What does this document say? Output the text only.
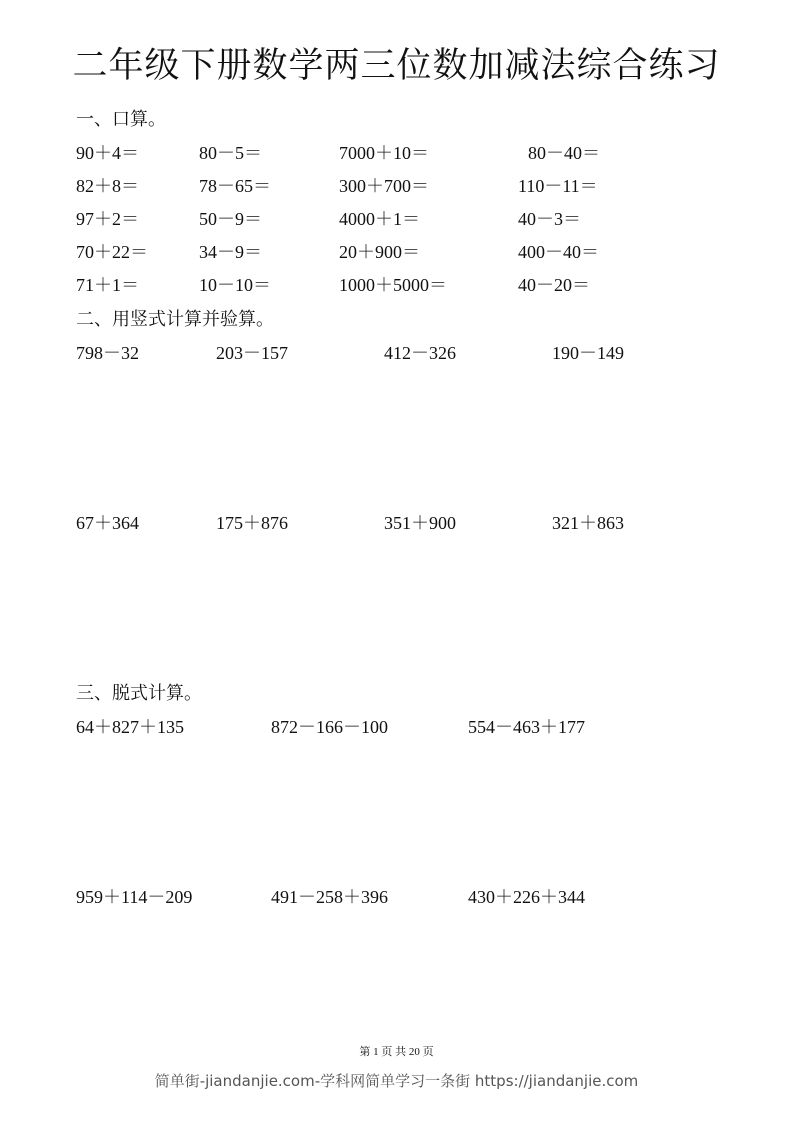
二年级下册数学两三位数加减法综合练习
一、口算。
90＋4＝	80－5＝	7000＋10＝	80－40＝
82＋8＝	78－65＝	300＋700＝	110－11＝
97＋2＝	50－9＝	4000＋1＝	40－3＝
70＋22＝	34－9＝	20＋900＝	400－40＝
71＋1＝	10－10＝	1000＋5000＝	40－20＝
二、用竖式计算并验算。
798－32	203－157	412－326	190－149
67＋364	175＋876	351＋900	321＋863
三、脱式计算。
64＋827＋135	872－166－100	554－463＋177
959＋114－209	491－258＋396	430＋226＋344
第 1 页 共 20 页
简单街-jiandanjie.com-学科网简单学习一条街 https://jiandanjie.com
